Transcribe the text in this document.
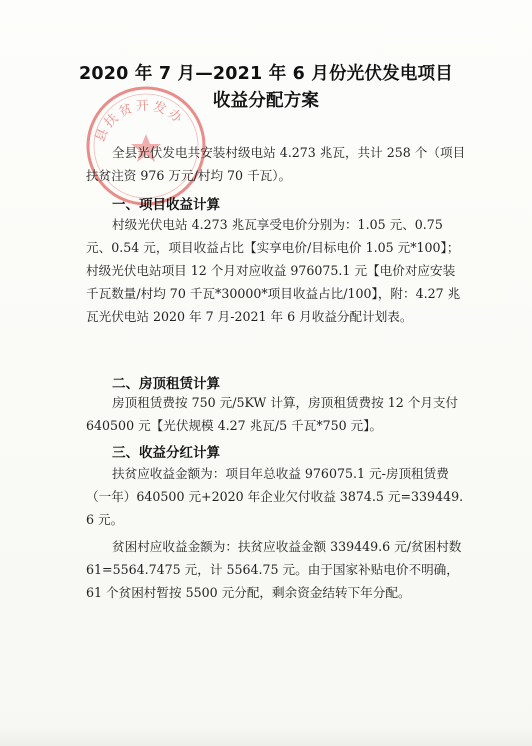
县扶贫开发办
2020 年 7 月—2021 年 6 月份光伏发电项目
收益分配方案
全县光伏发电共安装村级电站 4.273 兆瓦，共计 258 个（项目扶贫注资 976 万元/村均 70 千瓦）。
一、项目收益计算
村级光伏电站 4.273 兆瓦享受电价分别为：1.05 元、0.75 元、0.54 元，项目收益占比【实享电价/目标电价 1.05 元*100】；村级光伏电站项目 12 个月对应收益 976075.1 元【电价对应安装千瓦数量/村均 70 千瓦*30000*项目收益占比/100】，附：4.27 兆瓦光伏电站 2020 年 7 月-2021 年 6 月收益分配计划表。
二、房顶租赁计算
房顶租赁费按 750 元/5KW 计算，房顶租赁费按 12 个月支付 640500 元【光伏规模 4.27 兆瓦/5 千瓦*750 元】。
三、收益分红计算
扶贫应收益金额为：项目年总收益 976075.1 元-房顶租赁费（一年）640500 元+2020 年企业欠付收益 3874.5 元=339449.6 元。
贫困村应收益金额为：扶贫应收益金额 339449.6 元/贫困村数 61=5564.7475 元，计 5564.75 元。由于国家补贴电价不明确，61 个贫困村暂按 5500 元分配，剩余资金结转下年分配。
